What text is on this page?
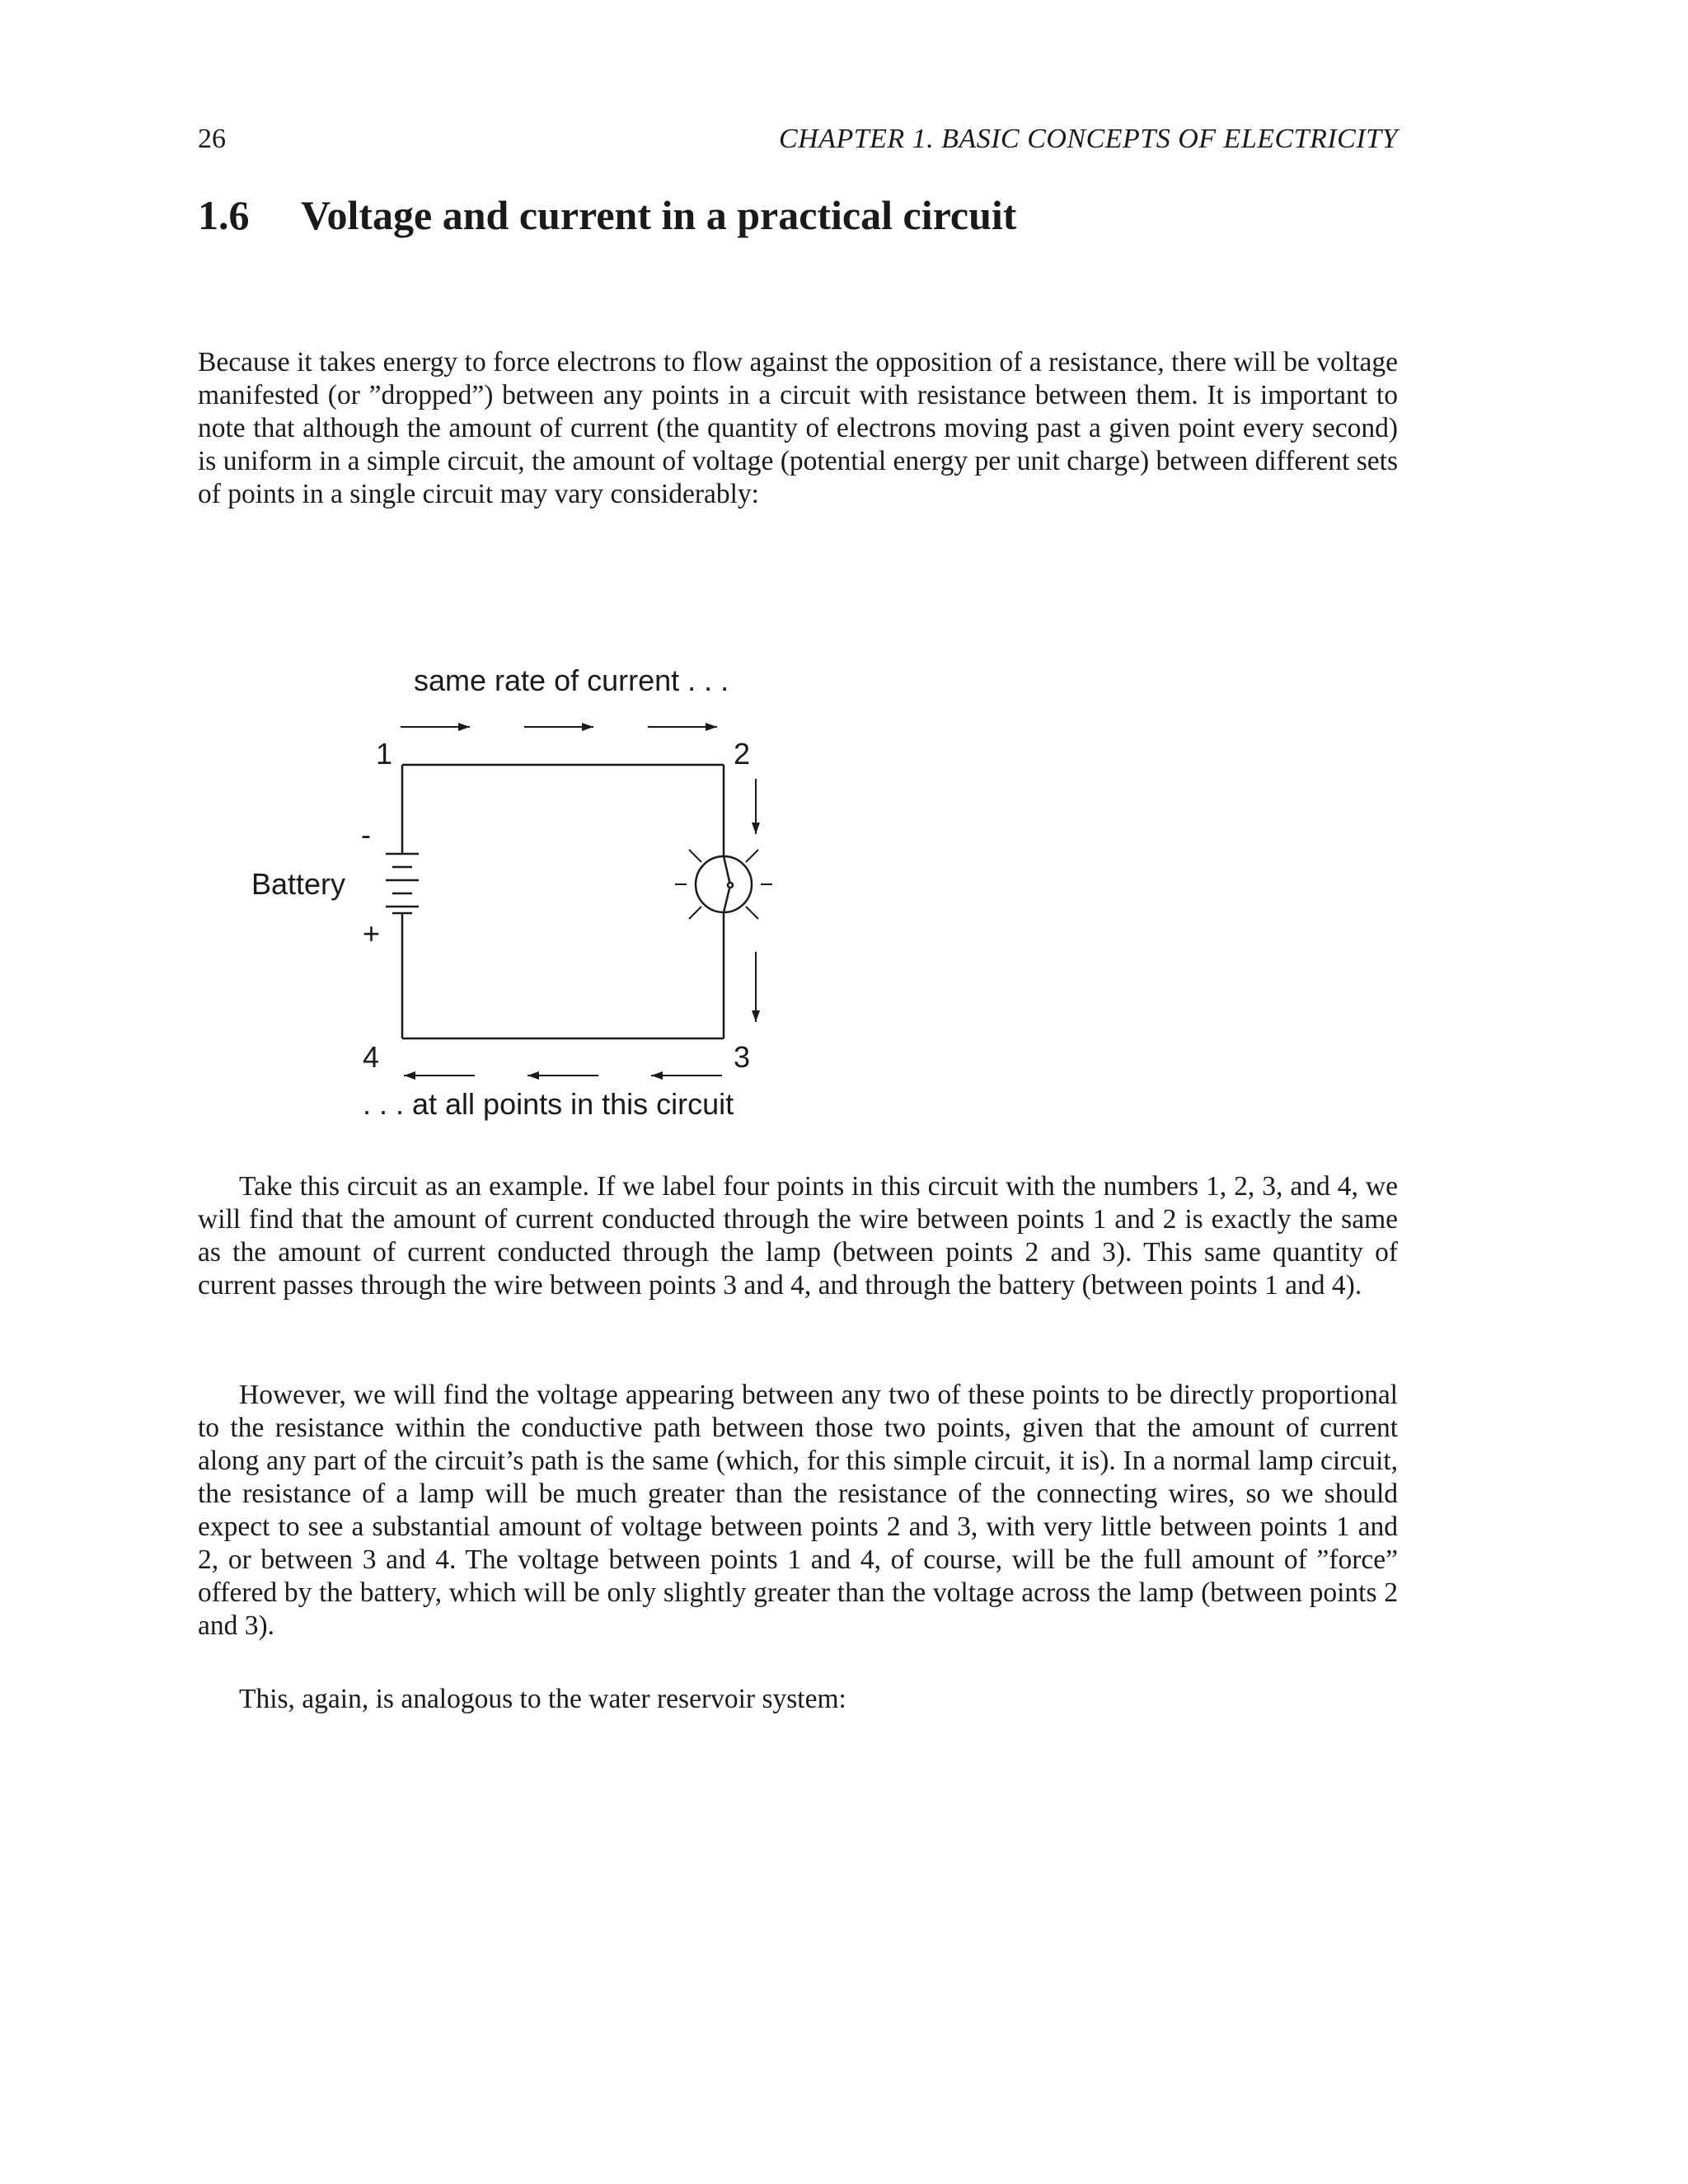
26	CHAPTER 1. BASIC CONCEPTS OF ELECTRICITY
1.6 Voltage and current in a practical circuit

Because it takes energy to force electrons to flow against the opposition of a resistance, there will be voltage manifested (or ”dropped”) between any points in a circuit with resistance between them. It is important to note that although the amount of current (the quantity of electrons moving past a given point every second) is uniform in a simple circuit, the amount of voltage (potential energy per unit charge) between different sets of points in a single circuit may vary considerably:

same rate of current . . .
1	2
Battery
-
+
4	3
. . . at all points in this circuit

Take this circuit as an example. If we label four points in this circuit with the numbers 1, 2, 3, and 4, we will find that the amount of current conducted through the wire between points 1 and 2 is exactly the same as the amount of current conducted through the lamp (between points 2 and 3). This same quantity of current passes through the wire between points 3 and 4, and through the battery (between points 1 and 4).

However, we will find the voltage appearing between any two of these points to be directly proportional to the resistance within the conductive path between those two points, given that the amount of current along any part of the circuit’s path is the same (which, for this simple circuit, it is). In a normal lamp circuit, the resistance of a lamp will be much greater than the resistance of the connecting wires, so we should expect to see a substantial amount of voltage between points 2 and 3, with very little between points 1 and 2, or between 3 and 4. The voltage between points 1 and 4, of course, will be the full amount of ”force” offered by the battery, which will be only slightly greater than the voltage across the lamp (between points 2 and 3).

This, again, is analogous to the water reservoir system:
